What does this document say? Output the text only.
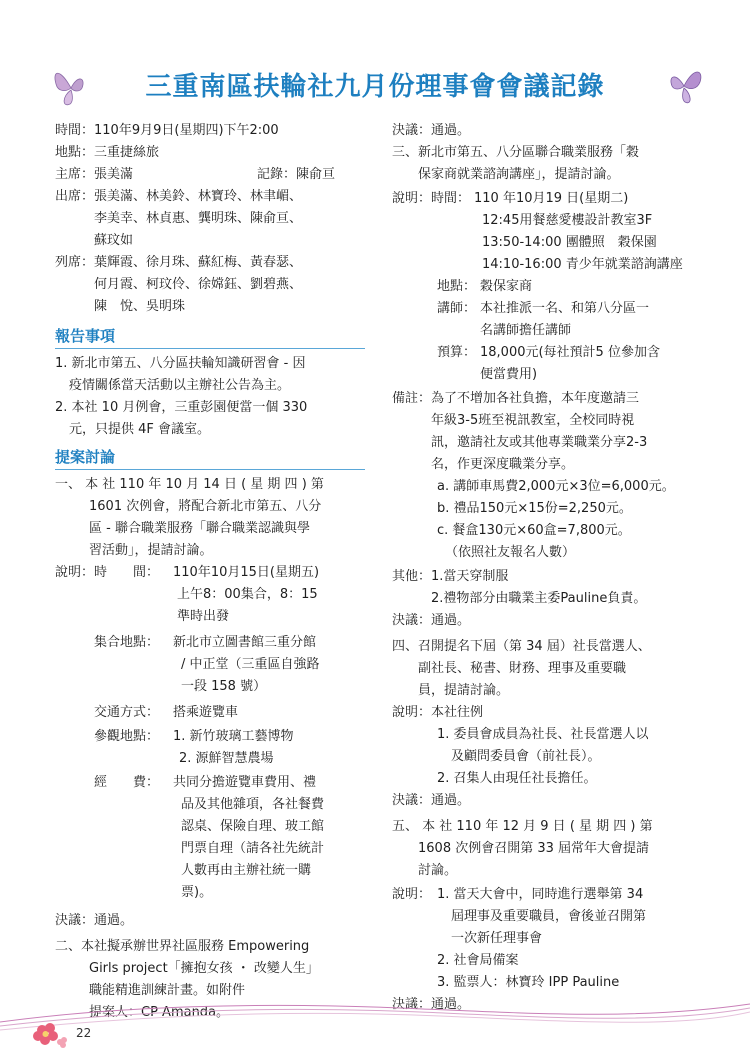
三重南區扶輪社九月份理事會會議記錄
時間：110年9月9日(星期四)下午2:00
地點：三重捷絲旅
主席：張美滿	記錄：陳俞亘
出席： 張美滿、林美鈴、林寶玲、林聿嵋、
李美幸、林貞惠、龔明珠、陳俞亘、
蘇玟如
列席： 葉輝霞、徐月珠、蘇紅梅、黃春瑟、
何月霞、柯玟伶、徐嫦鈺、劉碧燕、
陳　悅、吳明珠
報告事項
1. 新北市第五、八分區扶輪知識研習會 - 因
疫情關係當天活動以主辦社公告為主。
2. 本社 10 月例會，三重彭園便當一個 330
元，只提供 4F 會議室。
提案討論
一、 本 社 110 年 10 月 14 日 ( 星 期 四 ) 第
1601 次例會，將配合新北市第五、八分
區 - 聯合職業服務「聯合職業認識與學
習活動」，提請討論。
說明： 時　　間： 110年10月15日(星期五)
上午8：00集合，8：15
準時出發
集合地點： 新北市立圖書館三重分館
/ 中正堂（三重區自強路
一段 158 號）
交通方式： 搭乘遊覽車
參觀地點： 1. 新竹玻璃工藝博物
2. 源鮮智慧農場
經　　費： 共同分擔遊覽車費用、禮
品及其他雜項，各社餐費
認桌、保險自理、玻工館
門票自理（請各社先統計
人數再由主辦社統一購
票)。
決議：通過。
二、本社擬承辦世界社區服務 Empowering
Girls project「擁抱女孩 ・ 改變人生」
職能精進訓練計畫。如附件
提案人：CP Amanda。
決議：通過。
三、新北市第五、八分區聯合職業服務「穀
保家商就業諮詢講座」，提請討論。
說明： 時間： 110 年10月19 日(星期二)
12:45用餐慈愛樓設計教室3F
13:50-14:00 團體照　穀保園
14:10-16:00 青少年就業諮詢講座
地點： 穀保家商
講師： 本社推派一名、和第八分區一
名講師擔任講師
預算： 18,000元(每社預計5 位參加含
便當費用)
備註： 為了不增加各社負擔，本年度邀請三
年級3-5班至視訊教室，全校同時視
訊，邀請社友或其他專業職業分享2-3
名，作更深度職業分享。
a. 講師車馬費2,000元×3位=6,000元。
b. 禮品150元×15份=2,250元。
c. 餐盒130元×60盒=7,800元。
（依照社友報名人數）
其他： 1.當天穿制服
2.禮物部分由職業主委Pauline負責。
決議：通過。
四、召開提名下屆（第 34 屆）社長當選人、
副社長、秘書、財務、理事及重要職
員，提請討論。
說明：本社往例
1. 委員會成員為社長、社長當選人以
及顧問委員會（前社長）。
2. 召集人由現任社長擔任。
決議：通過。
五、 本 社 110 年 12 月 9 日 ( 星 期 四 ) 第
1608 次例會召開第 33 屆常年大會提請
討論。
說明： 1. 當天大會中，同時進行選舉第 34
屆理事及重要職員，會後並召開第
一次新任理事會
2. 社會局備案
3. 監票人：林寶玲 IPP Pauline
決議：通過。
22
